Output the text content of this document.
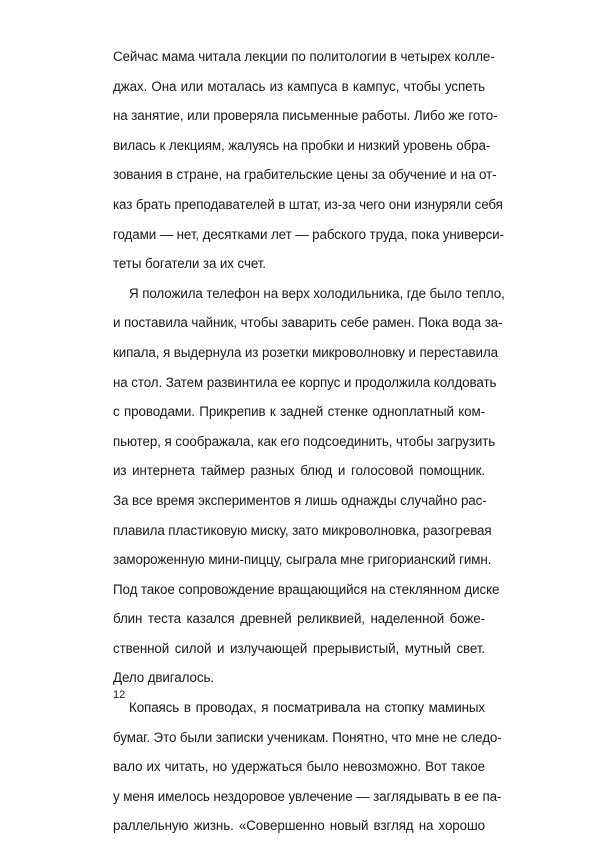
Сейчас мама читала лекции по политологии в четырех колле-
джах. Она или моталась из кампуса в кампус, чтобы успеть
на занятие, или проверяла письменные работы. Либо же гото-
вилась к лекциям, жалуясь на пробки и низкий уровень обра-
зования в стране, на грабительские цены за обучение и на от-
каз брать преподавателей в штат, из-за чего они изнуряли себя
годами — нет, десятками лет — рабского труда, пока универси-
теты богатели за их счет.

Я положила телефон на верх холодильника, где было тепло,
и поставила чайник, чтобы заварить себе рамен. Пока вода за-
кипала, я выдернула из розетки микроволновку и переставила
на стол. Затем развинтила ее корпус и продолжила колдовать
с проводами. Прикрепив к задней стенке одноплатный ком-
пьютер, я соображала, как его подсоединить, чтобы загрузить
из интернета таймер разных блюд и голосовой помощник.
За все время экспериментов я лишь однажды случайно рас-
плавила пластиковую миску, зато микроволновка, разогревая
замороженную мини-пиццу, сыграла мне григорианский гимн.
Под такое сопровождение вращающийся на стеклянном диске
блин теста казался древней реликвией, наделенной боже-
ственной силой и излучающей прерывистый, мутный свет.
Дело двигалось.

Копаясь в проводах, я посматривала на стопку маминых
бумаг. Это были записки ученикам. Понятно, что мне не следо-
вало их читать, но удержаться было невозможно. Вот такое
у меня имелось нездоровое увлечение — заглядывать в ее па-
раллельную жизнь. «Совершенно новый взгляд на хорошо

12
